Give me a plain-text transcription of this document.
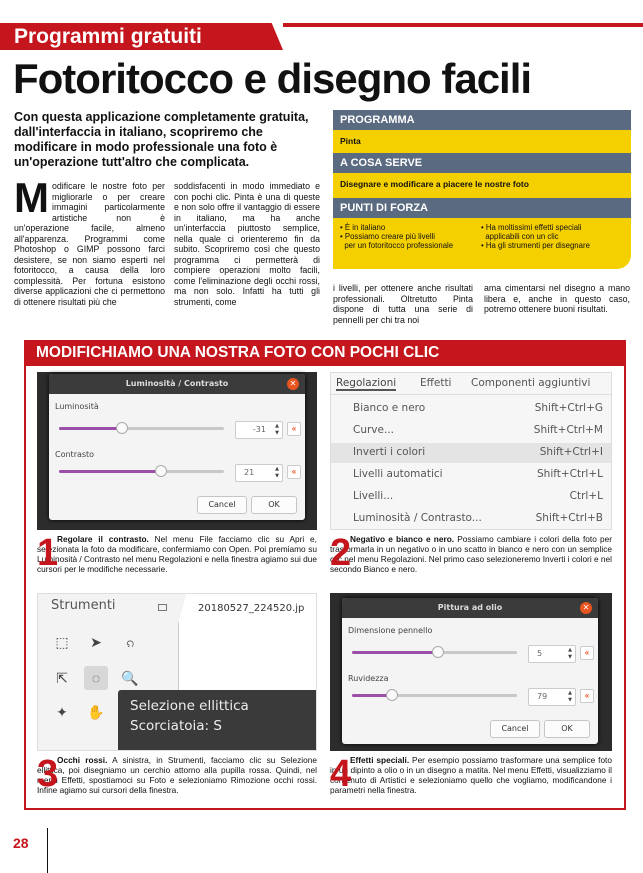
Programmi gratuiti
Fotoritocco e disegno facili
Con questa applicazione completamente gratuita, dall'interfaccia in italiano, scopriremo che modificare in modo professionale una foto è un'operazione tutt'altro che complicata.
Modificare le nostre foto per migliorarle o per creare immagini particolarmente artistiche non è un'operazione facile, almeno all'apparenza. Programmi come Photoshop o GIMP possono farci desistere, se non siamo esperti nel fotoritocco, a causa della loro complessità. Per fortuna esistono diverse applicazioni che ci permettono di ottenere risultati più che
soddisfacenti in modo immediato e con pochi clic. Pinta è una di queste e non solo offre il vantaggio di essere in italiano, ma ha anche un'interfaccia piuttosto semplice, nella quale ci orienteremo fin da subito. Scopriremo così che questo programma ci permetterà di compiere operazioni molto facili, come l'eliminazione degli occhi rossi, ma non solo. Infatti ha tutti gli strumenti, come
PROGRAMMA
Pinta
A COSA SERVE
Disegnare e modificare a piacere le nostre foto
PUNTI DI FORZA
• È in italiano
• Possiamo creare più livelli
per un fotoritocco professionale
• Ha moltissimi effetti speciali
applicabili con un clic
• Ha gli strumenti per disegnare
i livelli, per ottenere anche risultati professionali. Oltretutto Pinta dispone di tutta una serie di pennelli per chi tra noi
ama cimentarsi nel disegno a mano libera e, anche in questo caso, potremo ottenere buoni risultati.
MODIFICHIAMO UNA NOSTRA FOTO CON POCHI CLIC
Luminosità / Contrasto	✕
Luminosità
-31 ▲
▼	«
Contrasto
21	▲
▼	«
Cancel	OK
Regolazioni Effetti Componenti aggiuntivi
Bianco e nero	Shift+Ctrl+G
Curve...	Shift+Ctrl+M
Inverti i colori	Shift+Ctrl+I
Livelli automatici	Shift+Ctrl+L
Livelli...	Ctrl+L
Luminosità / Contrasto...	Shift+Ctrl+B
1
Regolare il contrasto. Nel menu File facciamo clic su Apri e, selezionata la foto da modificare, confermiamo con Open. Poi premiamo su Luminosità / Contrasto nel menu Regolazioni e nella finestra agiamo sui due cursori per le modifiche necessarie.	2
Negativo e bianco e nero. Possiamo cambiare i colori della foto per trasformarla in un negativo o in uno scatto in bianco e nero con un semplice clic nel menu Regolazioni. Nel primo caso selezioneremo Inverti i colori e nel secondo Bianco e nero.
Strumenti	20180527_224520.jp
⬚ ➤	ၵ
⇱	◌	🔍
✦ ✋ Selezione ellittica
Scorciatoia: S
Pittura ad olio	✕
Dimensione pennello
5	▲
▼	«
Ruvidezza
79	▲
▼	«
Cancel	OK
3
Occhi rossi. A sinistra, in Strumenti, facciamo clic su Selezione ellittica, poi disegniamo un cerchio attorno alla pupilla rossa. Quindi, nel menu Effetti, spostiamoci su Foto e selezioniamo Rimozione occhi rossi. Infine agiamo sui cursori della finestra.	4
Effetti speciali. Per esempio possiamo trasformare una semplice foto in un dipinto a olio o in un disegno a matita. Nel menu Effetti, visualizziamo il contenuto di Artistici e selezioniamo quello che vogliamo, modificandone i parametri nella finestra.
28
